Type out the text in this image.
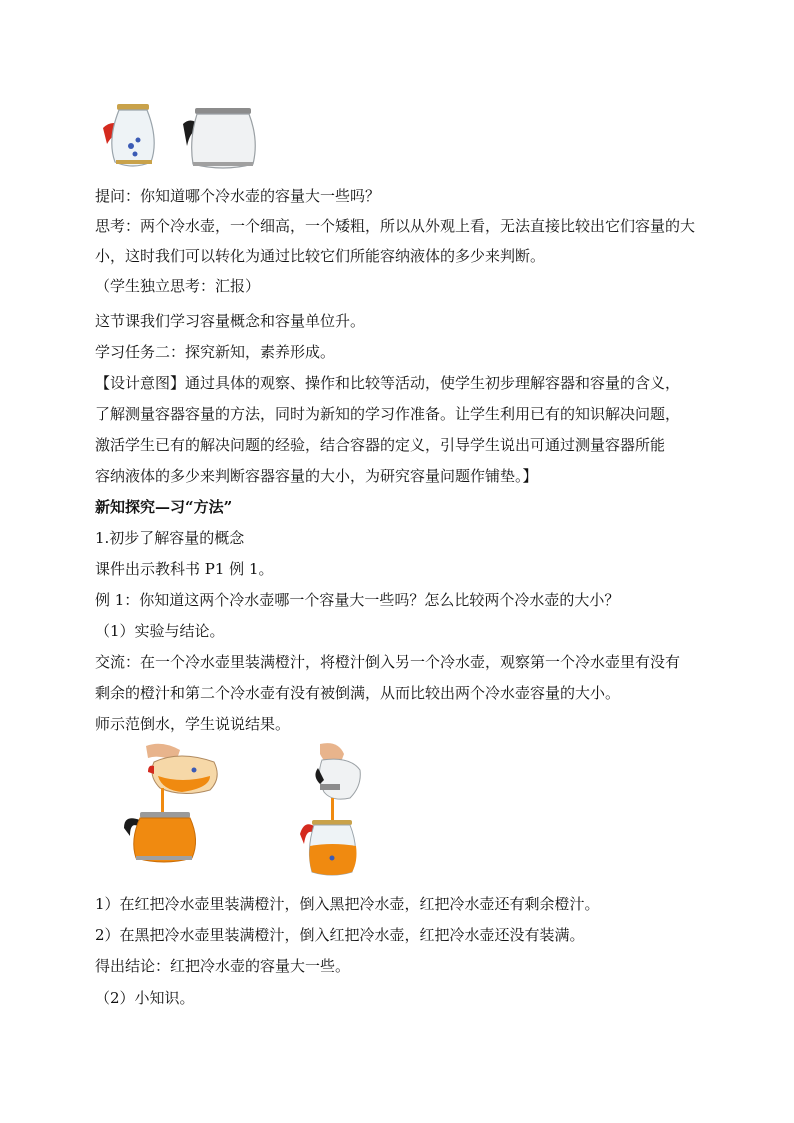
提问：你知道哪个冷水壶的容量大一些吗？
思考：两个冷水壶，一个细高，一个矮粗，所以从外观上看，无法直接比较出它们容量的大
小，这时我们可以转化为通过比较它们所能容纳液体的多少来判断。
（学生独立思考：汇报）
这节课我们学习容量概念和容量单位升。
学习任务二：探究新知，素养形成。
【设计意图】通过具体的观察、操作和比较等活动，使学生初步理解容器和容量的含义，
了解测量容器容量的方法，同时为新知的学习作准备。让学生利用已有的知识解决问题，
激活学生已有的解决问题的经验，结合容器的定义，引导学生说出可通过测量容器所能
容纳液体的多少来判断容器容量的大小，为研究容量问题作铺垫。】
新知探究—习“方法”
1.初步了解容量的概念
课件出示教科书 P1 例 1。
例 1：你知道这两个冷水壶哪一个容量大一些吗？怎么比较两个冷水壶的大小？
（1）实验与结论。
交流：在一个冷水壶里装满橙汁，将橙汁倒入另一个冷水壶，观察第一个冷水壶里有没有
剩余的橙汁和第二个冷水壶有没有被倒满，从而比较出两个冷水壶容量的大小。
师示范倒水，学生说说结果。
1）在红把冷水壶里装满橙汁，倒入黑把冷水壶，红把冷水壶还有剩余橙汁。
2）在黑把冷水壶里装满橙汁，倒入红把冷水壶，红把冷水壶还没有装满。
得出结论：红把冷水壶的容量大一些。
（2）小知识。
